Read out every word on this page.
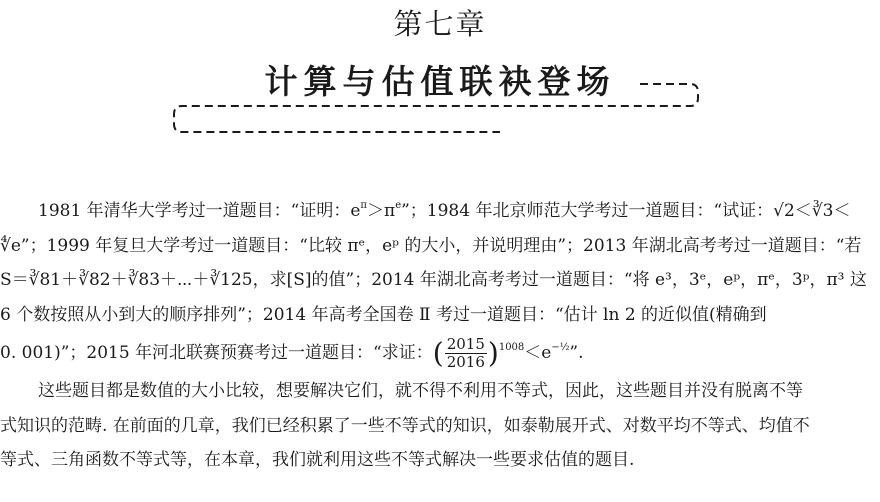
第七章
计算与估值联袂登场
1981 年清华大学考过一道题目：“证明：$e^\pi>\pi^e$”；1984 年北京师范大学考过一道题目：“试证：√2＜∛3＜
∜e”；1999 年复旦大学考过一道题目：“比较 πᵉ，eᵖ 的大小，并说明理由”；2013 年湖北高考考过一道题目：“若
S＝∛81＋∛82＋∛83＋⋯＋∛125，求[S]的值”；2014 年湖北高考考过一道题目：“将 e³，3ᵉ，eᵖ，πᵉ，3ᵖ，π³ 这
6 个数按照从小到大的顺序排列”；2014 年高考全国卷 Ⅱ 考过一道题目：“估计 ln 2 的近似值(精确到
0. 001)”；2015 年河北联赛预赛考过一道题目：“求证：( $\frac{2015}{2016} )^{1008}<e^{-\frac{1}{2}}$”.
这些题目都是数值的大小比较，想要解决它们，就不得不利用不等式，因此，这些题目并没有脱离不等
式知识的范畴. 在前面的几章，我们已经积累了一些不等式的知识，如泰勒展开式、对数平均不等式、均值不
等式、三角函数不等式等，在本章，我们就利用这些不等式解决一些要求估值的题目.
